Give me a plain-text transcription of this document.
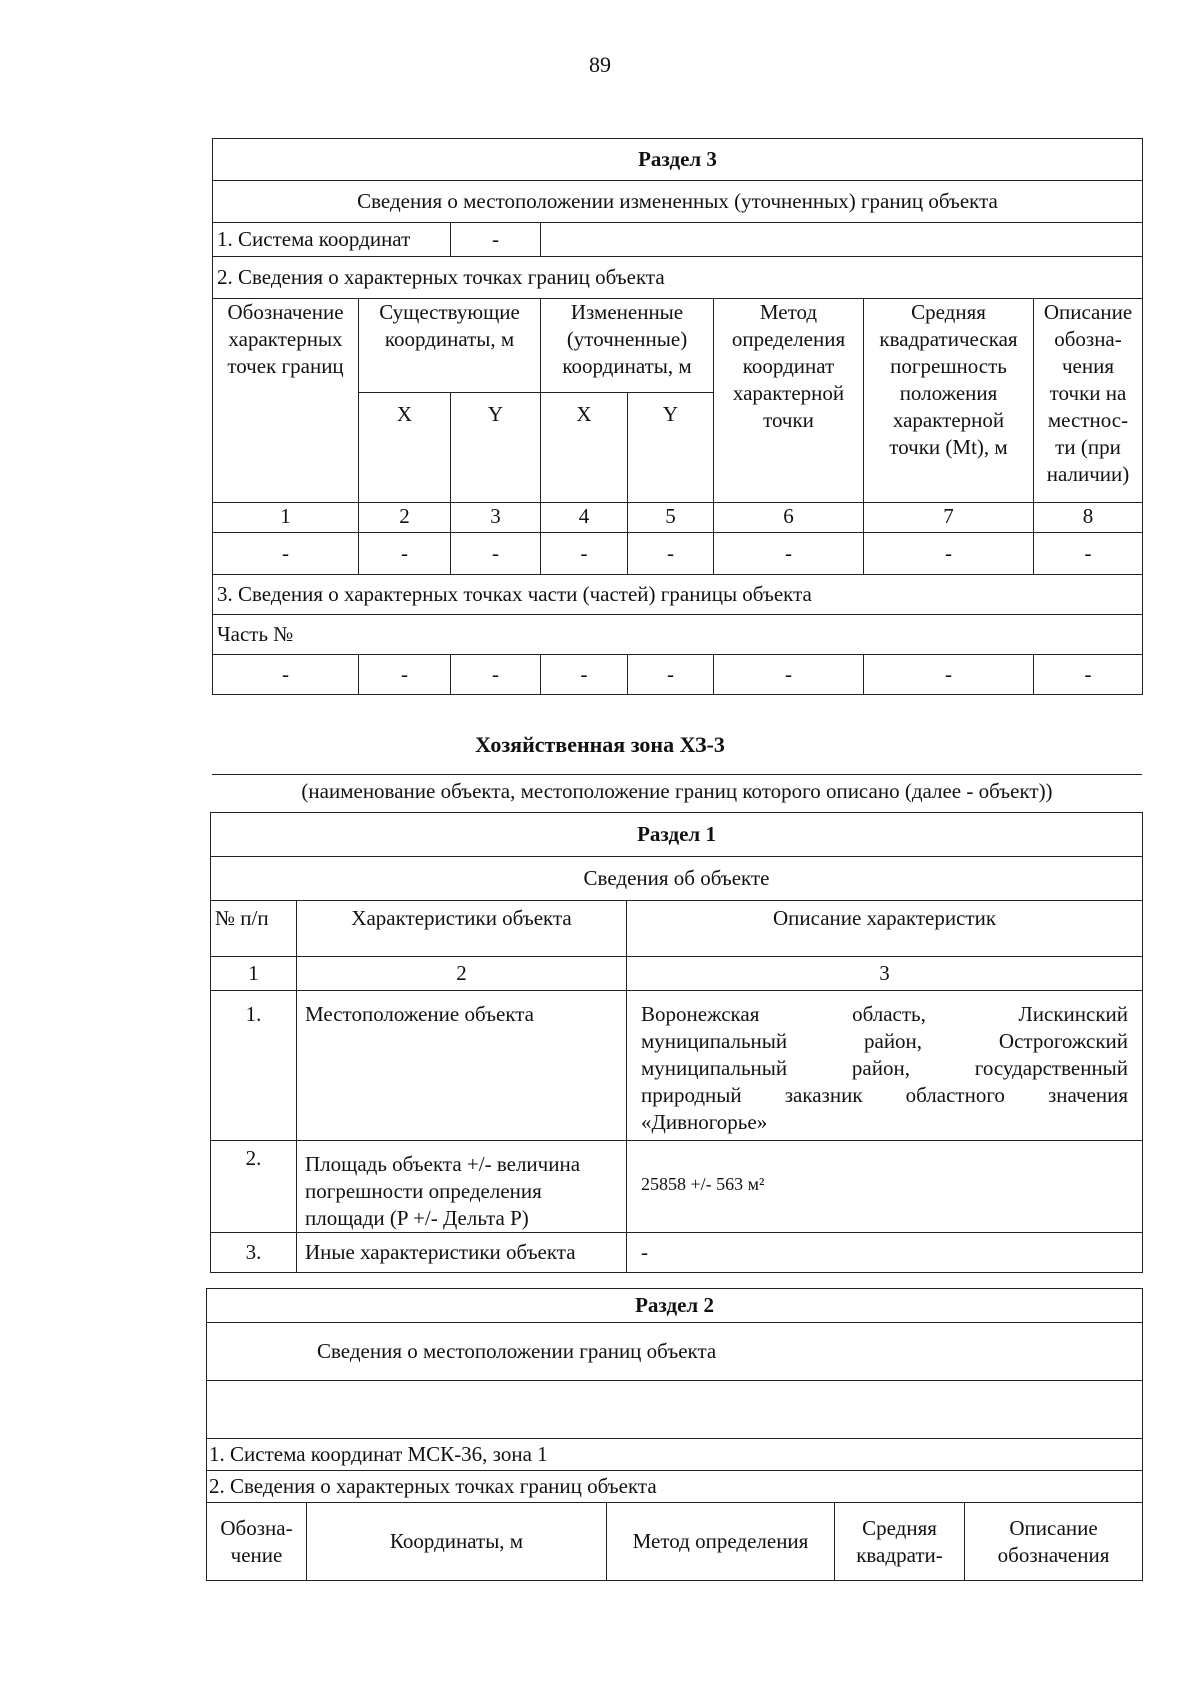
89
Раздел 3							
Сведения о местоположении измененных (уточненных) границ объекта							
1. Система координат		-					
2. Сведения о характерных точках границ объекта							
Обозначение характерных точек границ	Существующие координаты, м		Измененные (уточненные) координаты, м		Метод определения координат характерной точки	Средняя квадратическая погрешность положения характерной точки (Mt), м	Описание обозна-чения точки на местнос-ти (при наличии)
	X	Y	X	Y			
1	2	3	4	5	6	7	8
-	-	-	-	-	-	-	-
3. Сведения о характерных точках части (частей) границы объекта							
Часть №							
-	-	-	-	-	-	-	-
Хозяйственная зона ХЗ-3
(наименование объекта, местоположение границ которого описано (далее - объект))
Раздел 1		
Сведения об объекте		
№ п/п	Характеристики объекта	Описание характеристик
1	2	3
1.	Местоположение объекта	Воронежская область, Лискинский
муниципальный район, Острогожский
муниципальный район, государственный
природный заказник областного значения
«Дивногорье»

2.	Площадь объекта +/- величина погрешности определения площади (P +/- Дельта P)	25858 +/- 563 м²
3.	Иные характеристики объекта	-
Раздел 2
Сведения о местоположении границ объекта

1. Система координат МСК-36, зона 1
2. Сведения о характерных точках границ объекта
Обозна-чение	Координаты, м	Метод определения	Средняя квадрати-	Описание обозначения
